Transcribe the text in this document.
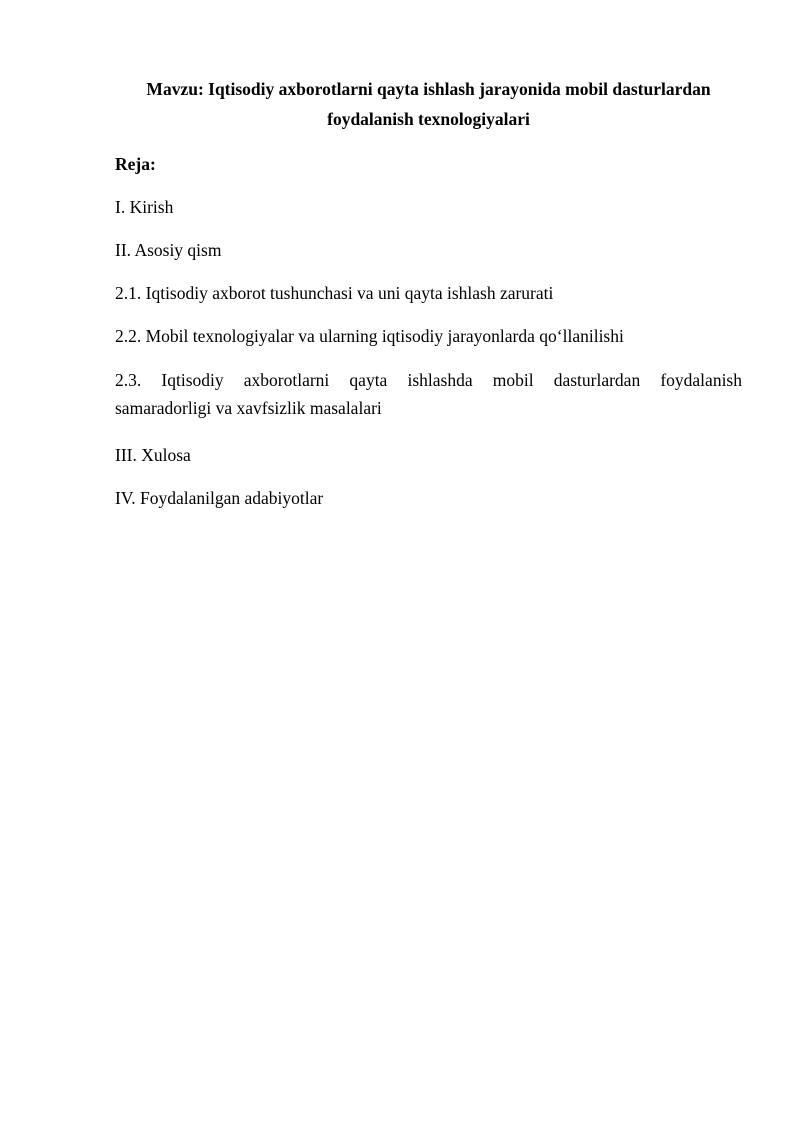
Mavzu: Iqtisodiy axborotlarni qayta ishlash jarayonida mobil dasturlardan foydalanish texnologiyalari
Reja:
I. Kirish
II. Asosiy qism
2.1. Iqtisodiy axborot tushunchasi va uni qayta ishlash zarurati
2.2. Mobil texnologiyalar va ularning iqtisodiy jarayonlarda qo‘llanilishi
2.3. Iqtisodiy axborotlarni qayta ishlashda mobil dasturlardan foydalanish
samaradorligi va xavfsizlik masalalari
III. Xulosa
IV. Foydalanilgan adabiyotlar
